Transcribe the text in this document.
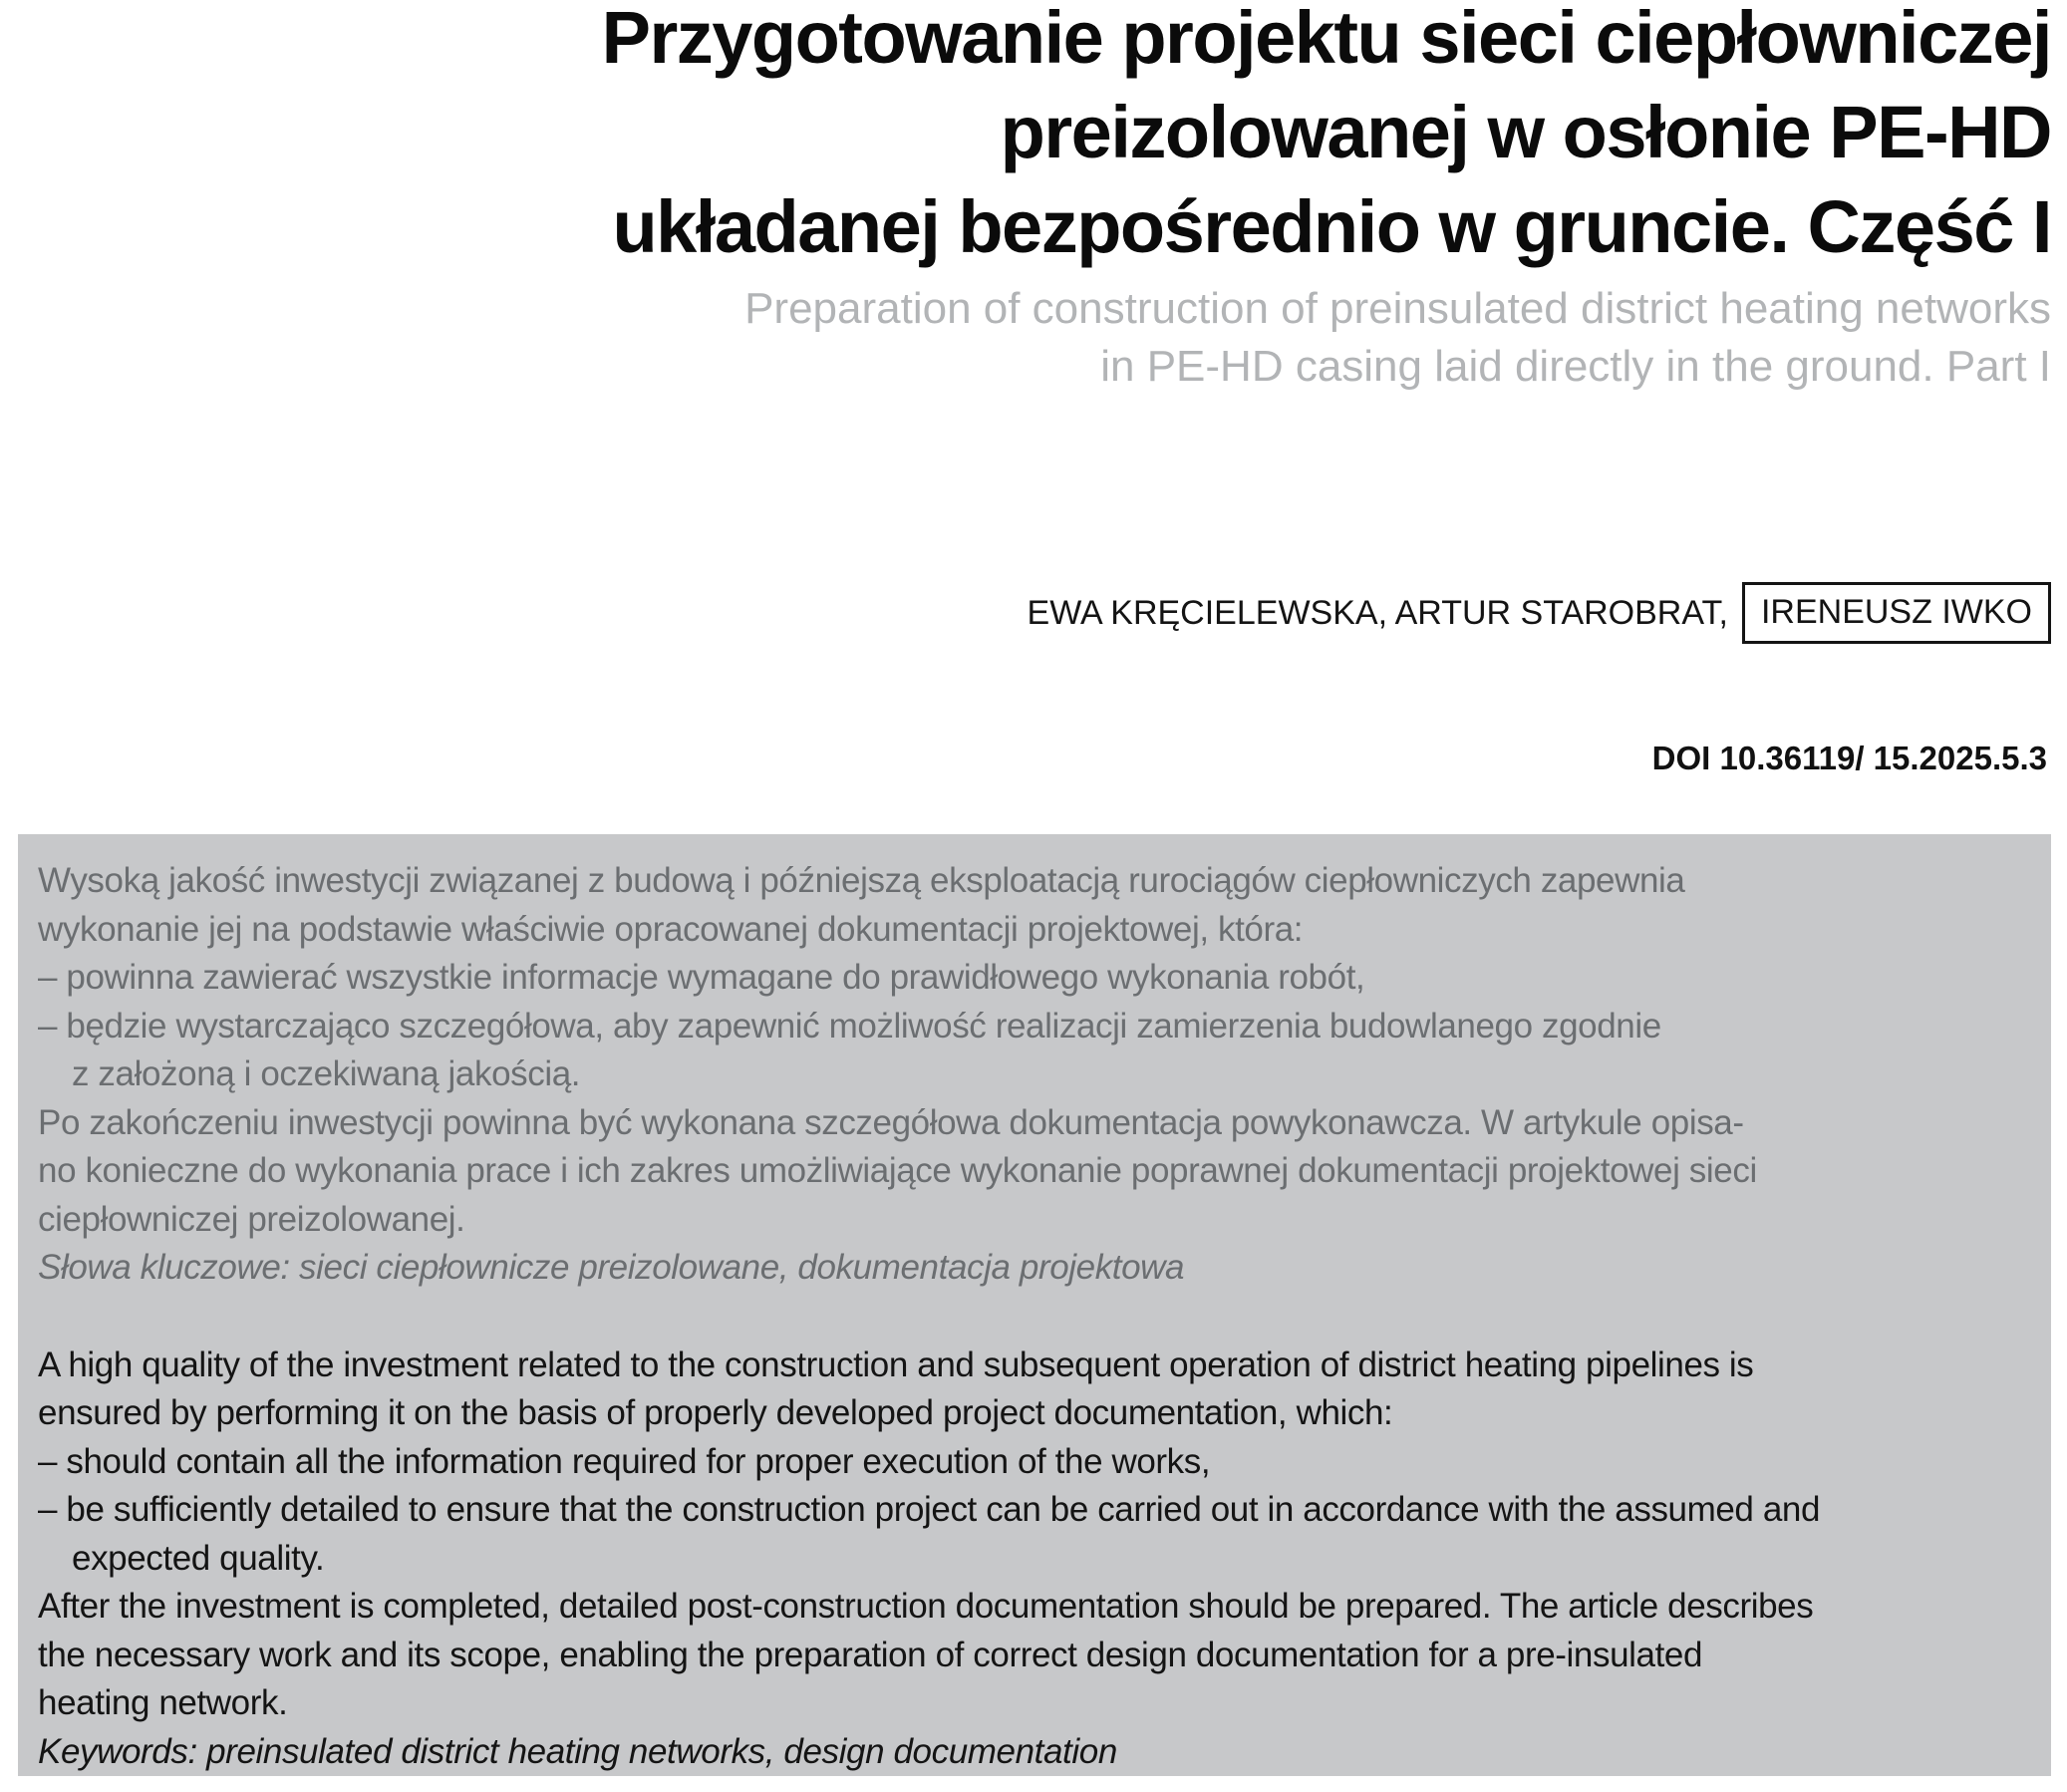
Przygotowanie projektu sieci ciepłowniczej
preizolowanej w osłonie PE-HD
układanej bezpośrednio w gruncie. Część I
Preparation of construction of preinsulated district heating networks
in PE-HD casing laid directly in the ground. Part I
EWA KRĘCIELEWSKA, ARTUR STAROBRAT, IRENEUSZ IWKO
DOI 10.36119/ 15.2025.5.3
Wysoką jakość inwestycji związanej z budową i późniejszą eksploatacją rurociągów ciepłowniczych zapewnia
wykonanie jej na podstawie właściwie opracowanej dokumentacji projektowej, która:
– powinna zawierać wszystkie informacje wymagane do prawidłowego wykonania robót,
– będzie wystarczająco szczegółowa, aby zapewnić możliwość realizacji zamierzenia budowlanego zgodnie
z założoną i oczekiwaną jakością.
Po zakończeniu inwestycji powinna być wykonana szczegółowa dokumentacja powykonawcza. W artykule opisa-
no konieczne do wykonania prace i ich zakres umożliwiające wykonanie poprawnej dokumentacji projektowej sieci
ciepłowniczej preizolowanej.
Słowa kluczowe: sieci ciepłownicze preizolowane, dokumentacja projektowa
A high quality of the investment related to the construction and subsequent operation of district heating pipelines is
ensured by performing it on the basis of properly developed project documentation, which:
– should contain all the information required for proper execution of the works,
– be sufficiently detailed to ensure that the construction project can be carried out in accordance with the assumed and
expected quality.
After the investment is completed, detailed post-construction documentation should be prepared. The article describes
the necessary work and its scope, enabling the preparation of correct design documentation for a pre-insulated
heating network.
Keywords: preinsulated district heating networks, design documentation
